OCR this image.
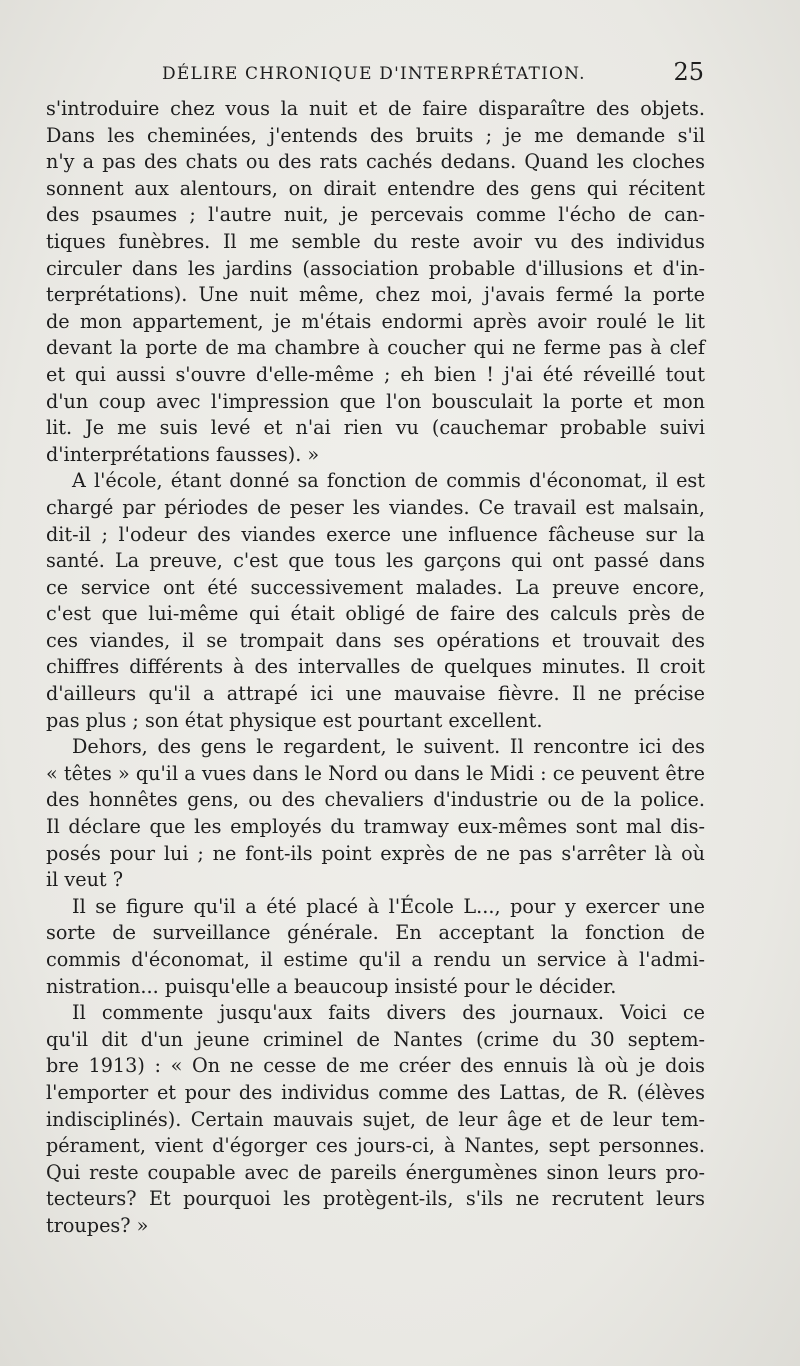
DÉLIRE CHRONIQUE D'INTERPRÉTATION.	25

s'introduire chez vous la nuit et de faire disparaître des objets.
Dans les cheminées, j'entends des bruits ; je me demande s'il
n'y a pas des chats ou des rats cachés dedans. Quand les cloches
sonnent aux alentours, on dirait entendre des gens qui récitent
des psaumes ; l'autre nuit, je percevais comme l'écho de can-
tiques funèbres. Il me semble du reste avoir vu des individus
circuler dans les jardins (association probable d'illusions et d'in-
terprétations). Une nuit même, chez moi, j'avais fermé la porte
de mon appartement, je m'étais endormi après avoir roulé le lit
devant la porte de ma chambre à coucher qui ne ferme pas à clef
et qui aussi s'ouvre d'elle-même ; eh bien ! j'ai été réveillé tout
d'un coup avec l'impression que l'on bousculait la porte et mon
lit. Je me suis levé et n'ai rien vu (cauchemar probable suivi
d'interprétations fausses). »

A l'école, étant donné sa fonction de commis d'économat, il est
chargé par périodes de peser les viandes. Ce travail est malsain,
dit-il ; l'odeur des viandes exerce une influence fâcheuse sur la
santé. La preuve, c'est que tous les garçons qui ont passé dans
ce service ont été successivement malades. La preuve encore,
c'est que lui-même qui était obligé de faire des calculs près de
ces viandes, il se trompait dans ses opérations et trouvait des
chiffres différents à des intervalles de quelques minutes. Il croit
d'ailleurs qu'il a attrapé ici une mauvaise fièvre. Il ne précise
pas plus ; son état physique est pourtant excellent.

Dehors, des gens le regardent, le suivent. Il rencontre ici des
« têtes » qu'il a vues dans le Nord ou dans le Midi : ce peuvent être
des honnêtes gens, ou des chevaliers d'industrie ou de la police.
Il déclare que les employés du tramway eux-mêmes sont mal dis-
posés pour lui ; ne font-ils point exprès de ne pas s'arrêter là où
il veut ?

Il se figure qu'il a été placé à l'École L..., pour y exercer une
sorte de surveillance générale. En acceptant la fonction de
commis d'économat, il estime qu'il a rendu un service à l'admi-
nistration... puisqu'elle a beaucoup insisté pour le décider.

Il commente jusqu'aux faits divers des journaux. Voici ce
qu'il dit d'un jeune criminel de Nantes (crime du 30 septem-
bre 1913) : « On ne cesse de me créer des ennuis là où je dois
l'emporter et pour des individus comme des Lattas, de R. (élèves
indisciplinés). Certain mauvais sujet, de leur âge et de leur tem-
pérament, vient d'égorger ces jours-ci, à Nantes, sept personnes.
Qui reste coupable avec de pareils énergumènes sinon leurs pro-
tecteurs? Et pourquoi les protègent-ils, s'ils ne recrutent leurs
troupes? »
